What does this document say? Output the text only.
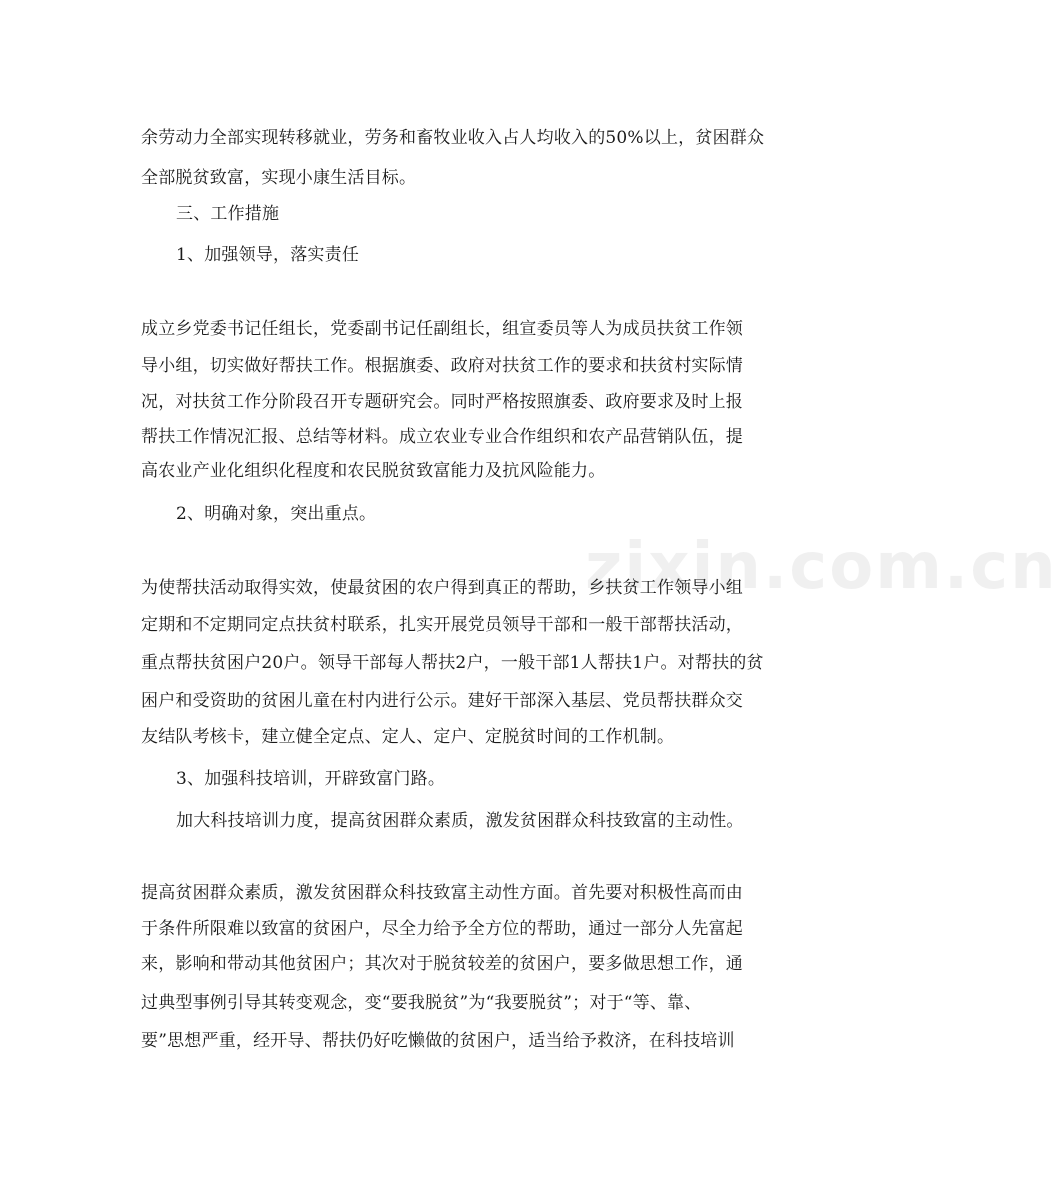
zixin.com.cn
余劳动力全部实现转移就业，劳务和畜牧业收入占人均收入的50%以上，贫困群众
全部脱贫致富，实现小康生活目标。
三、工作措施
1、加强领导，落实责任
成立乡党委书记任组长，党委副书记任副组长，组宣委员等人为成员扶贫工作领
导小组，切实做好帮扶工作。根据旗委、政府对扶贫工作的要求和扶贫村实际情
况，对扶贫工作分阶段召开专题研究会。同时严格按照旗委、政府要求及时上报
帮扶工作情况汇报、总结等材料。成立农业专业合作组织和农产品营销队伍，提
高农业产业化组织化程度和农民脱贫致富能力及抗风险能力。
2、明确对象，突出重点。
为使帮扶活动取得实效，使最贫困的农户得到真正的帮助，乡扶贫工作领导小组
定期和不定期同定点扶贫村联系，扎实开展党员领导干部和一般干部帮扶活动，
重点帮扶贫困户20户。领导干部每人帮扶2户，一般干部1人帮扶1户。对帮扶的贫
困户和受资助的贫困儿童在村内进行公示。建好干部深入基层、党员帮扶群众交
友结队考核卡，建立健全定点、定人、定户、定脱贫时间的工作机制。
3、加强科技培训，开辟致富门路。
加大科技培训力度，提高贫困群众素质，激发贫困群众科技致富的主动性。
提高贫困群众素质，激发贫困群众科技致富主动性方面。首先要对积极性高而由
于条件所限难以致富的贫困户，尽全力给予全方位的帮助，通过一部分人先富起
来，影响和带动其他贫困户；其次对于脱贫较差的贫困户，要多做思想工作，通
过典型事例引导其转变观念，变“要我脱贫”为“我要脱贫”；对于“等、靠、
要”思想严重，经开导、帮扶仍好吃懒做的贫困户，适当给予救济，在科技培训
